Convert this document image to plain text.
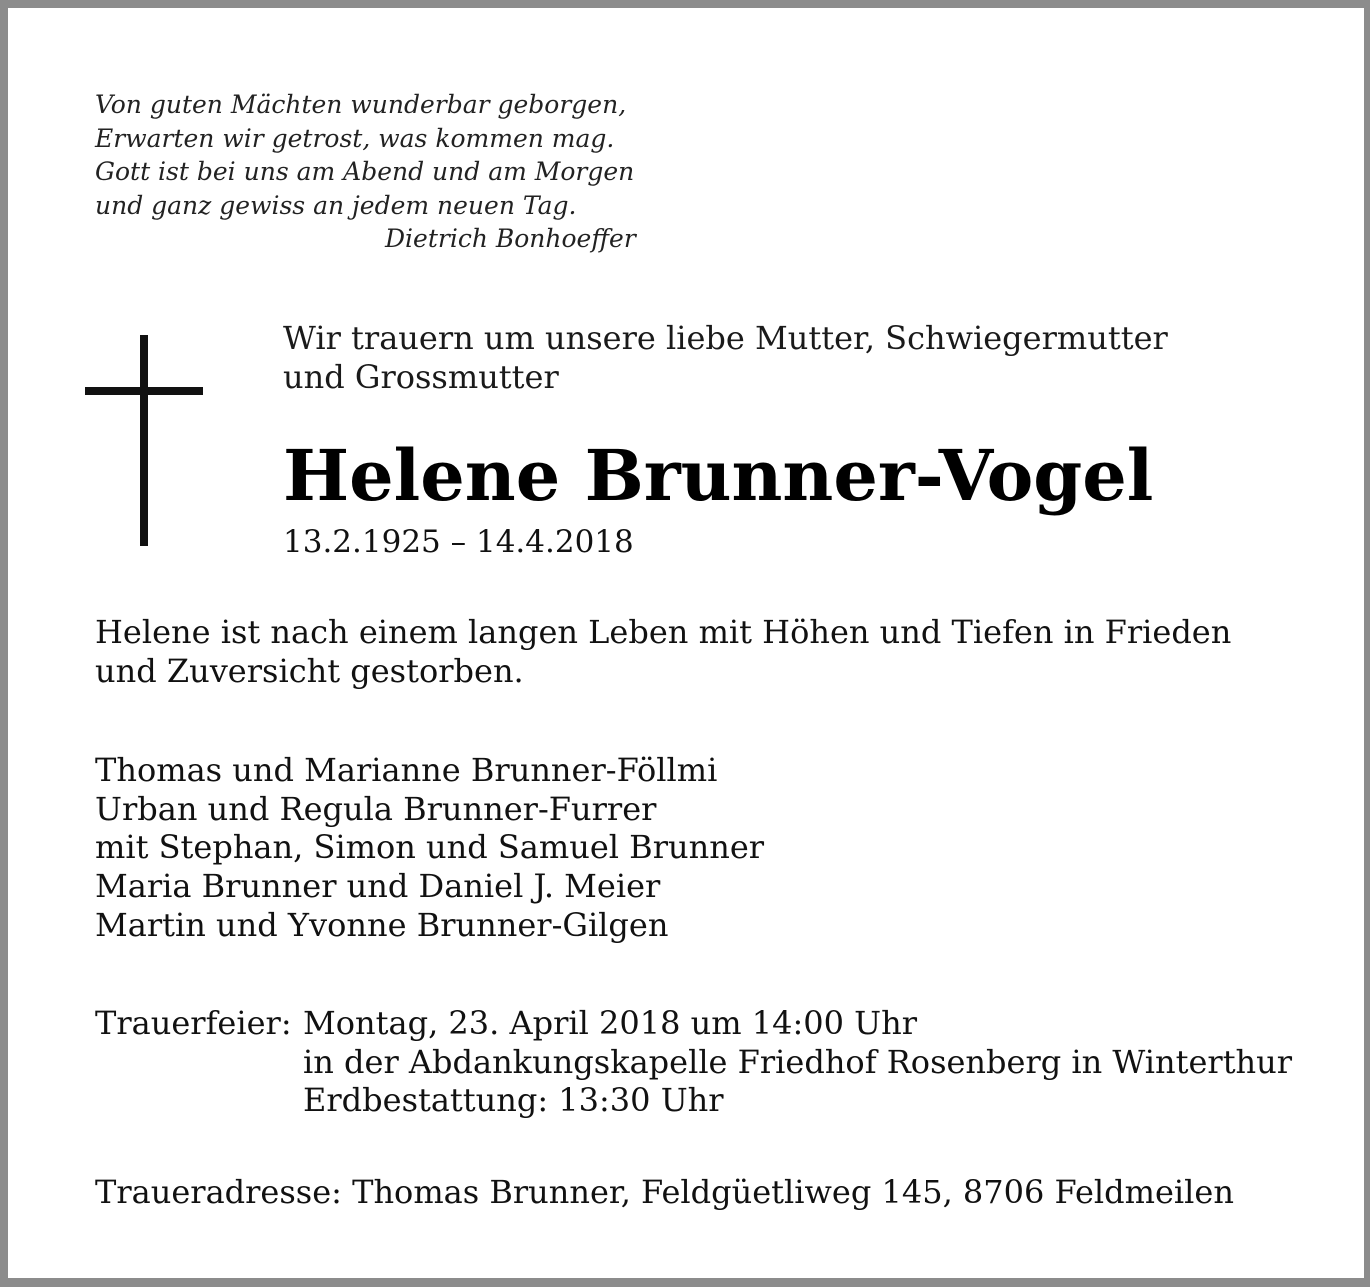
Von guten Mächten wunderbar geborgen,
Erwarten wir getrost, was kommen mag.
Gott ist bei uns am Abend und am Morgen
und ganz gewiss an jedem neuen Tag.
Dietrich Bonhoeffer
Wir trauern um unsere liebe Mutter, Schwiegermutter
und Grossmutter
Helene Brunner-Vogel
13.2.1925 – 14.4.2018
Helene ist nach einem langen Leben mit Höhen und Tiefen in Frieden
und Zuversicht gestorben.
Thomas und Marianne Brunner-Föllmi
Urban und Regula Brunner-Furrer
mit Stephan, Simon und Samuel Brunner
Maria Brunner und Daniel J. Meier
Martin und Yvonne Brunner-Gilgen
Trauerfeier: Montag, 23. April 2018 um 14:00 Uhr
in der Abdankungskapelle Friedhof Rosenberg in Winterthur
Erdbestattung: 13:30 Uhr
Traueradresse: Thomas Brunner, Feldgüetliweg 145, 8706 Feldmeilen
